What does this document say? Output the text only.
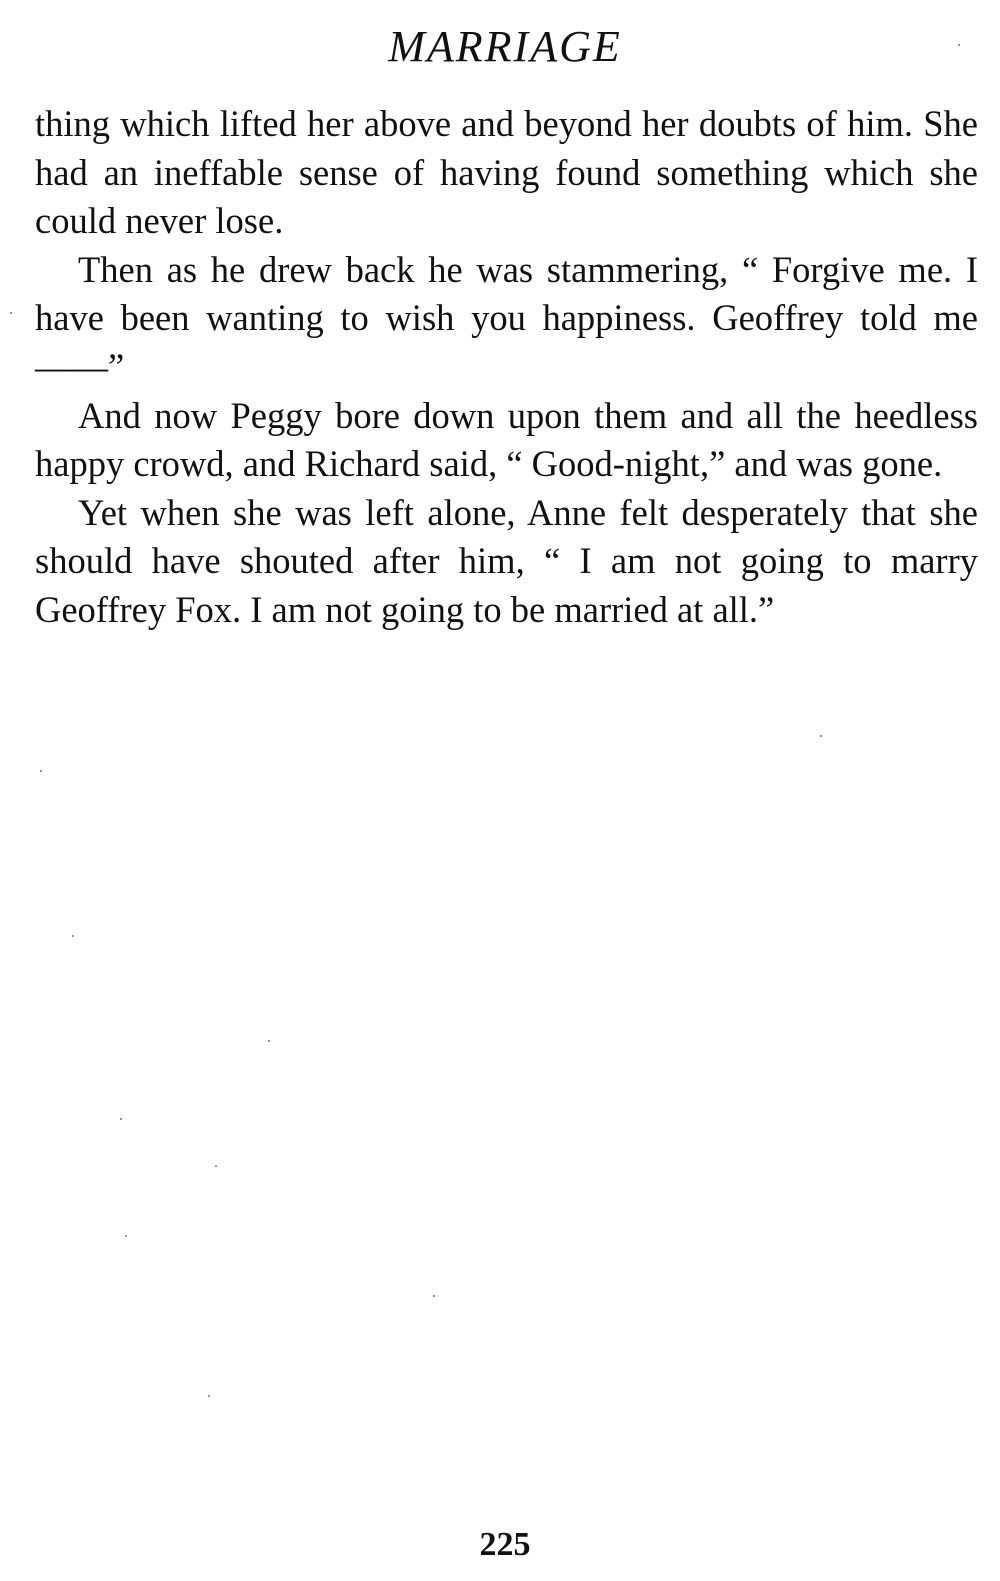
MARRIAGE

thing which lifted her above and beyond her doubts of him. She had an ineffable sense of having found something which she could never lose.

Then as he drew back he was stammering, “ Forgive me. I have been wanting to wish you happiness. Geoffrey told me ——”

And now Peggy bore down upon them and all the heedless happy crowd, and Richard said, “ Good-night,” and was gone.

Yet when she was left alone, Anne felt desperately that she should have shouted after him, “ I am not going to marry Geoffrey Fox. I am not going to be married at all.”

225
